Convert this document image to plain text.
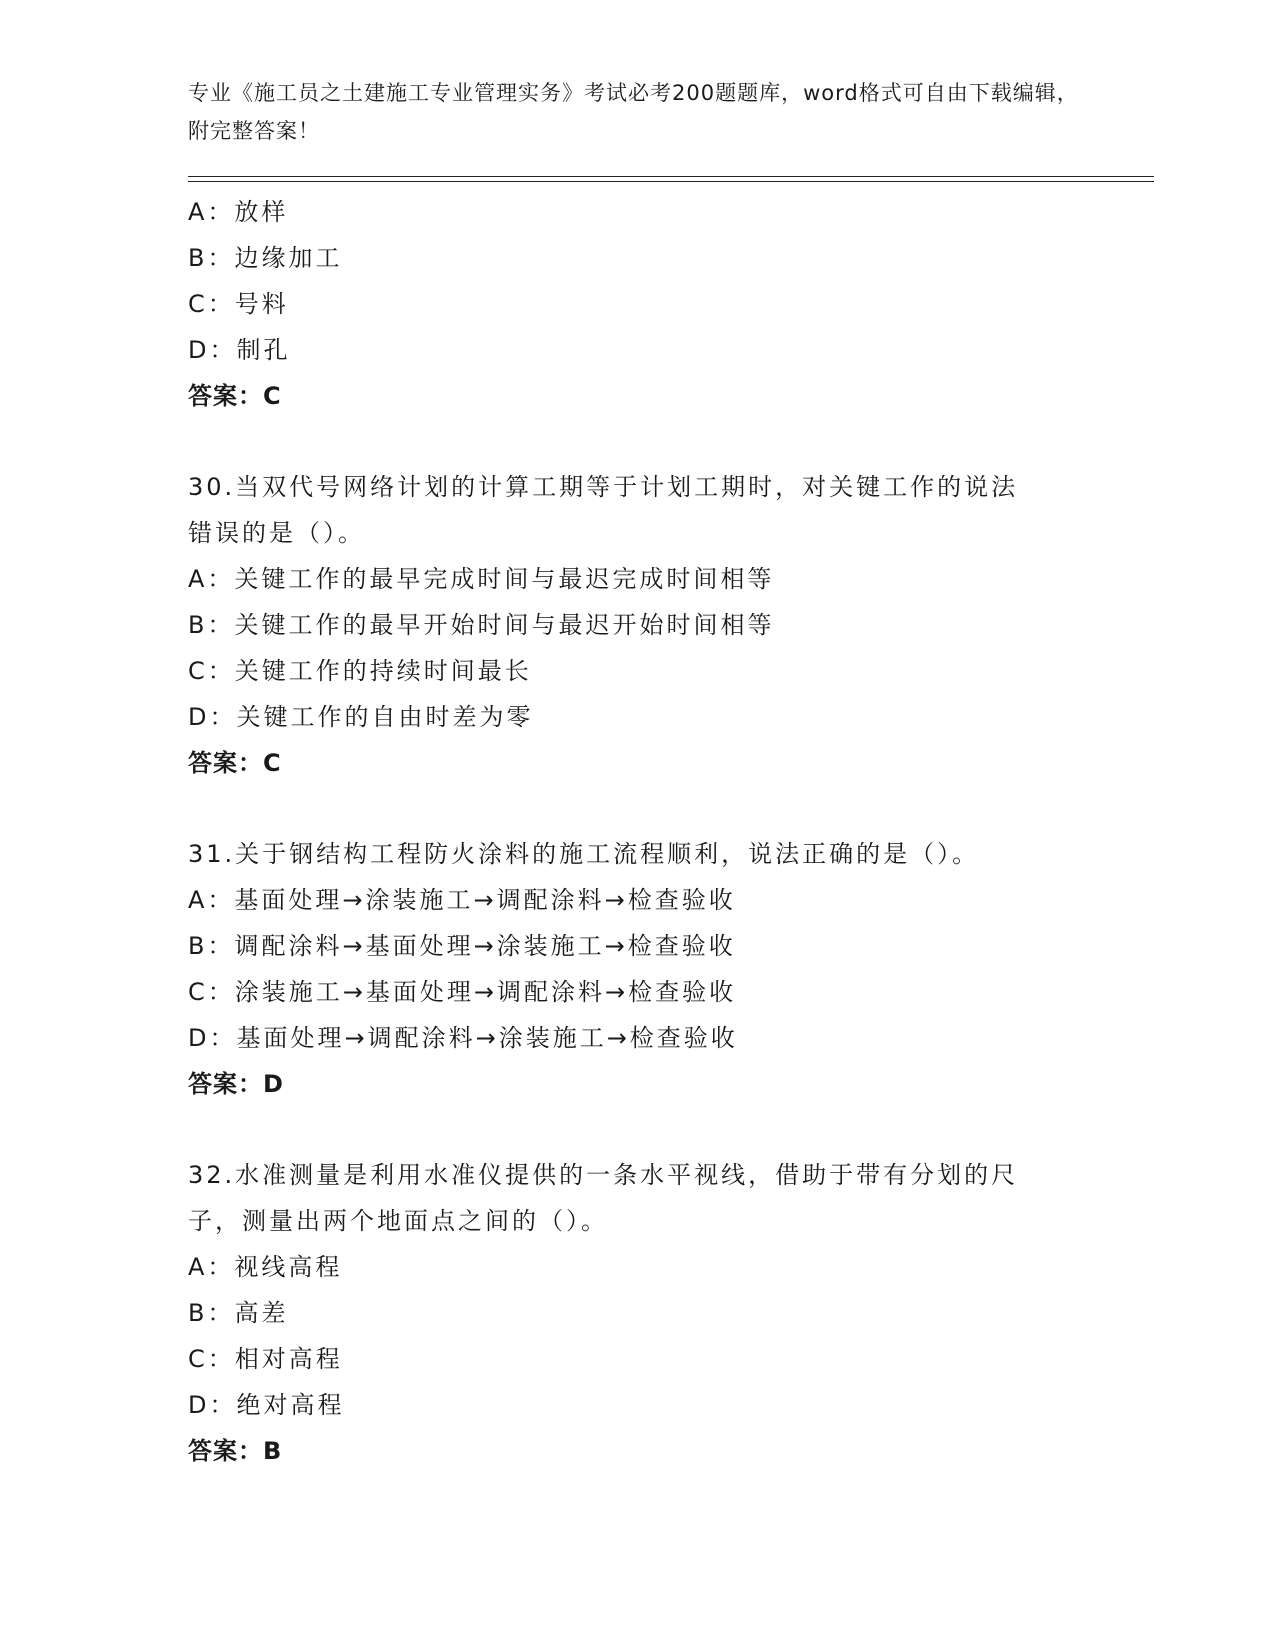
专业《施工员之土建施工专业管理实务》考试必考200题题库，word格式可自由下载编辑，附完整答案！
A：放样
B：边缘加工
C：号料
D：制孔
答案：C
30.当双代号网络计划的计算工期等于计划工期时，对关键工作的说法
错误的是（）。
A：关键工作的最早完成时间与最迟完成时间相等
B：关键工作的最早开始时间与最迟开始时间相等
C：关键工作的持续时间最长
D：关键工作的自由时差为零
答案：C
31.关于钢结构工程防火涂料的施工流程顺利，说法正确的是（）。
A：基面处理→涂装施工→调配涂料→检查验收
B：调配涂料→基面处理→涂装施工→检查验收
C：涂装施工→基面处理→调配涂料→检查验收
D：基面处理→调配涂料→涂装施工→检查验收
答案：D
32.水准测量是利用水准仪提供的一条水平视线，借助于带有分划的尺
子，测量出两个地面点之间的（）。
A：视线高程
B：高差
C：相对高程
D：绝对高程
答案：B
